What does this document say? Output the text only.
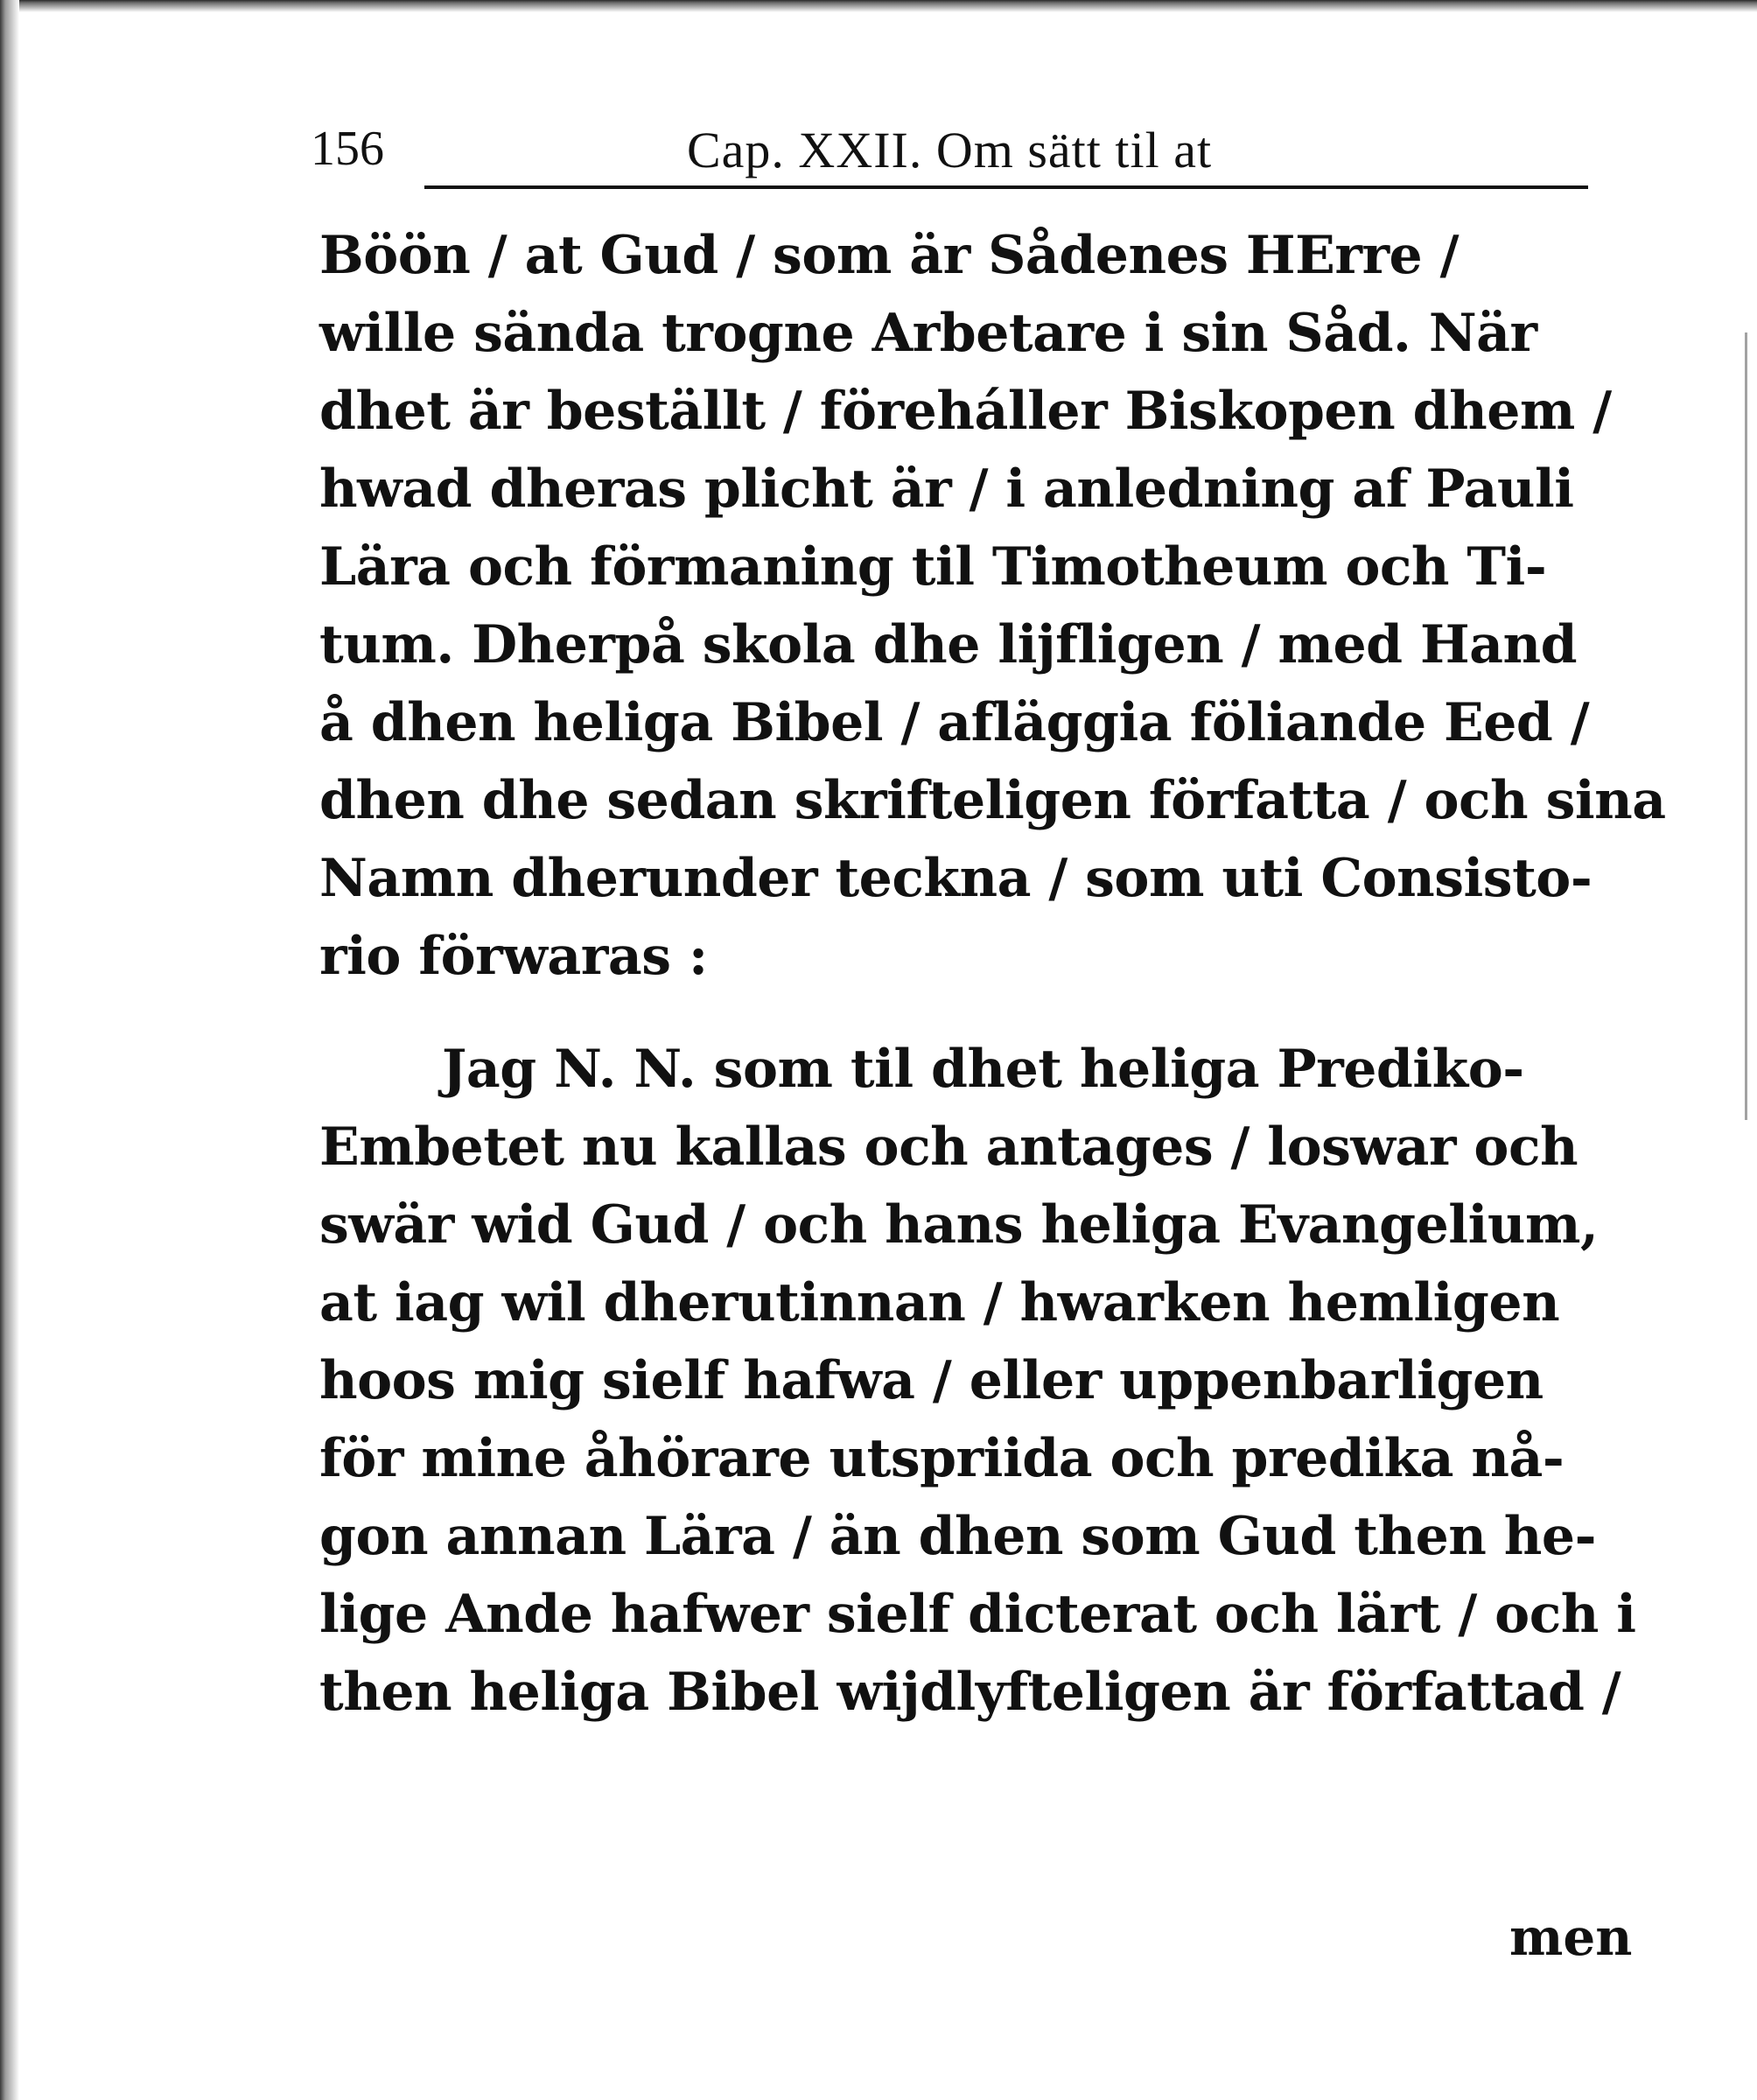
156	Cap. XXII. Om sätt til at
Böön / at Gud / som är Sådenes HErre /
wille sända trogne Arbetare i sin Såd. När
dhet är beställt / föreháller Biskopen dhem /
hwad dheras plicht är / i anledning af Pauli
Lära och förmaning til Timotheum och Ti-
tum. Dherpå skola dhe lijfligen / med Hand
å dhen heliga Bibel / afläggia föliande Eed /
dhen dhe sedan skrifteligen författa / och sina
Namn dherunder teckna / som uti Consisto-
rio förwaras :
Jag N. N. som til dhet heliga Prediko-
Embetet nu kallas och antages / loswar och
swär wid Gud / och hans heliga Evangelium,
at iag wil dherutinnan / hwarken hemligen
hoos mig sielf hafwa / eller uppenbarligen
för mine åhörare utspriida och predika nå-
gon annan Lära / än dhen som Gud then he-
lige Ande hafwer sielf dicterat och lärt / och i
then heliga Bibel wijdlyfteligen är författad /
men
